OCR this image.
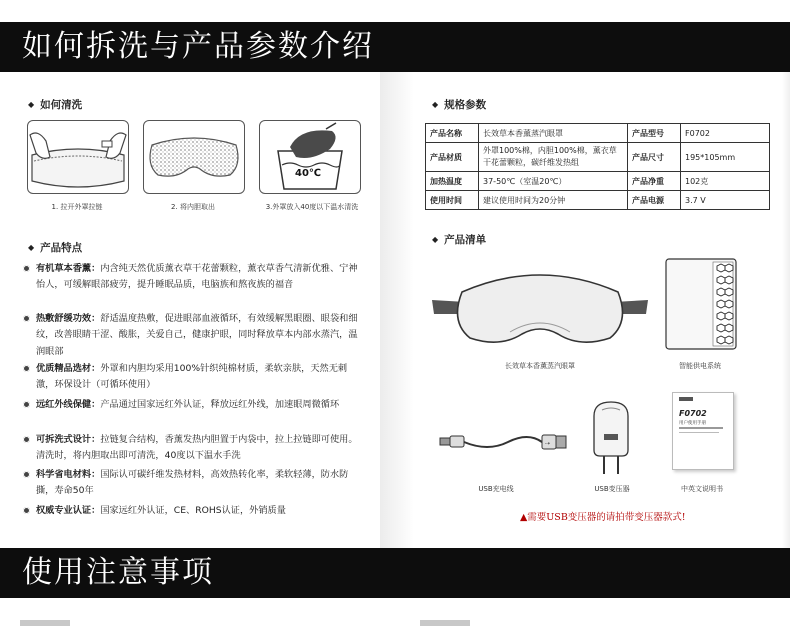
如何拆洗与产品参数介绍
◆ 如何清洗
1. 拉开外罩拉链	2. 将内胆取出
40℃
3.外罩放入40度以下温水清洗
◆ 产品特点
有机草本香薰：内含纯天然优质薰衣草干花蕾颗粒，薰衣草香气清新优雅、宁神怡人，可缓解眼部疲劳，提升睡眠品质，电脑族和熬夜族的福音
热敷舒缓功效：舒适温度热敷，促进眼部血液循环，有效缓解黑眼圈、眼袋和细纹，改善眼睛干涩、酸胀，关爱自己，健康护眼，同时释放草本内部水蒸汽，温润眼部
优质精品选材：外罩和内胆均采用100%针织纯棉材质，柔软亲肤，天然无刺激，环保设计（可循环使用）
远红外线保健：产品通过国家远红外认证，释放远红外线，加速眼周微循环
可拆洗式设计：拉链复合结构，香薰发热内胆置于内袋中，拉上拉链即可使用。清洗时，将内胆取出即可清洗，40度以下温水手洗
科学省电材料：国际认可碳纤维发热材料，高效热转化率，柔软轻薄，防水防撕，寿命50年
权威专业认证：国家远红外认证，CE、ROHS认证，外销质量
◆ 规格参数
产品名称	长效草本香薰蒸汽眼罩	产品型号	F0702
产品材质	外罩100%棉，内胆100%棉，薰衣草干花蕾颗粒，碳纤维发热组	产品尺寸	195*105mm
加热温度	37-50℃（室温20℃）	产品净重	102克
使用时间	建议使用时间为20分钟	产品电源	3.7 V
◆ 产品清单
长效草本香薰蒸汽眼罩	智能供电系统
⇢
USB充电线	USB变压器
F0702
用户使用手册
中英文说明书
▲需要USB变压器的请拍带变压器款式!
使用注意事项
